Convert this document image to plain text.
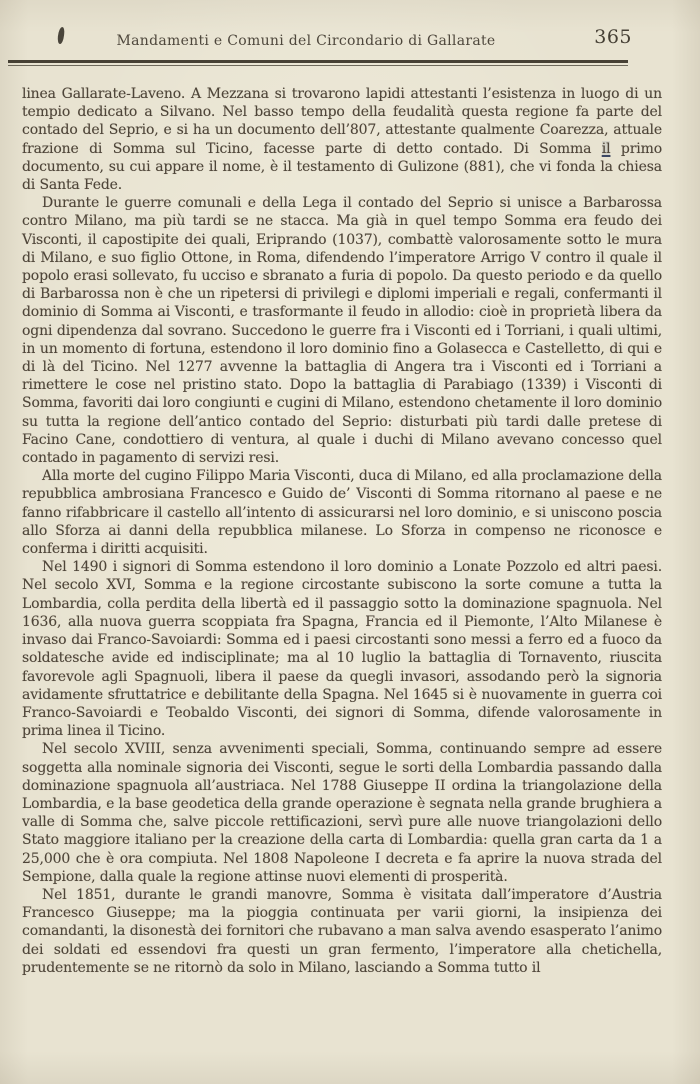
Mandamenti e Comuni del Circondario di Gallarate	365

linea Gallarate-Laveno. A Mezzana si trovarono lapidi attestanti l’esistenza in luogo di un tempio dedicato a Silvano. Nel basso tempo della feudalità questa regione fa parte del contado del Seprio, e si ha un documento dell’807, attestante qualmente Coarezza, attuale frazione di Somma sul Ticino, facesse parte di detto contado. Di Somma il primo documento, su cui appare il nome, è il testamento di Gulizone (881), che vi fonda la chiesa di Santa Fede.

Durante le guerre comunali e della Lega il contado del Seprio si unisce a Barbarossa contro Milano, ma più tardi se ne stacca. Ma già in quel tempo Somma era feudo dei Visconti, il capostipite dei quali, Eriprando (1037), combattè valorosamente sotto le mura di Milano, e suo figlio Ottone, in Roma, difendendo l’imperatore Arrigo V contro il quale il popolo erasi sollevato, fu ucciso e sbranato a furia di popolo. Da questo periodo e da quello di Barbarossa non è che un ripetersi di privilegi e diplomi imperiali e regali, confermanti il dominio di Somma ai Visconti, e trasformante il feudo in allodio: cioè in proprietà libera da ogni dipendenza dal sovrano. Succedono le guerre fra i Visconti ed i Torriani, i quali ultimi, in un momento di fortuna, estendono il loro dominio fino a Golasecca e Castelletto, di qui e di là del Ticino. Nel 1277 avvenne la battaglia di Angera tra i Visconti ed i Torriani a rimettere le cose nel pristino stato. Dopo la battaglia di Parabiago (1339) i Visconti di Somma, favoriti dai loro congiunti e cugini di Milano, estendono chetamente il loro dominio su tutta la regione dell’antico contado del Seprio: disturbati più tardi dalle pretese di Facino Cane, condottiero di ventura, al quale i duchi di Milano avevano concesso quel contado in pagamento di servizi resi.

Alla morte del cugino Filippo Maria Visconti, duca di Milano, ed alla proclamazione della repubblica ambrosiana Francesco e Guido de’ Visconti di Somma ritornano al paese e ne fanno rifabbricare il castello all’intento di assicurarsi nel loro dominio, e si uniscono poscia allo Sforza ai danni della repubblica milanese. Lo Sforza in compenso ne riconosce e conferma i diritti acquisiti.

Nel 1490 i signori di Somma estendono il loro dominio a Lonate Pozzolo ed altri paesi. Nel secolo XVI, Somma e la regione circostante subiscono la sorte comune a tutta la Lombardia, colla perdita della libertà ed il passaggio sotto la dominazione spagnuola. Nel 1636, alla nuova guerra scoppiata fra Spagna, Francia ed il Piemonte, l’Alto Milanese è invaso dai Franco-Savoiardi: Somma ed i paesi circostanti sono messi a ferro ed a fuoco da soldatesche avide ed indisciplinate; ma al 10 luglio la battaglia di Tornavento, riuscita favorevole agli Spagnuoli, libera il paese da quegli invasori, assodando però la signoria avidamente sfruttatrice e debilitante della Spagna. Nel 1645 si è nuovamente in guerra coi Franco-Savoiardi e Teobaldo Visconti, dei signori di Somma, difende valorosamente in prima linea il Ticino.

Nel secolo XVIII, senza avvenimenti speciali, Somma, continuando sempre ad essere soggetta alla nominale signoria dei Visconti, segue le sorti della Lombardia passando dalla dominazione spagnuola all’austriaca. Nel 1788 Giuseppe II ordina la triangolazione della Lombardia, e la base geodetica della grande operazione è segnata nella grande brughiera a valle di Somma che, salve piccole rettificazioni, servì pure alle nuove triangolazioni dello Stato maggiore italiano per la creazione della carta di Lombardia: quella gran carta da 1 a 25,000 che è ora compiuta. Nel 1808 Napoleone I decreta e fa aprire la nuova strada del Sempione, dalla quale la regione attinse nuovi elementi di prosperità.

Nel 1851, durante le grandi manovre, Somma è visitata dall’imperatore d’Austria Francesco Giuseppe; ma la pioggia continuata per varii giorni, la insipienza dei comandanti, la disonestà dei fornitori che rubavano a man salva avendo esasperato l’animo dei soldati ed essendovi fra questi un gran fermento, l’imperatore alla chetichella, prudentemente se ne ritornò da solo in Milano, lasciando a Somma tutto il
